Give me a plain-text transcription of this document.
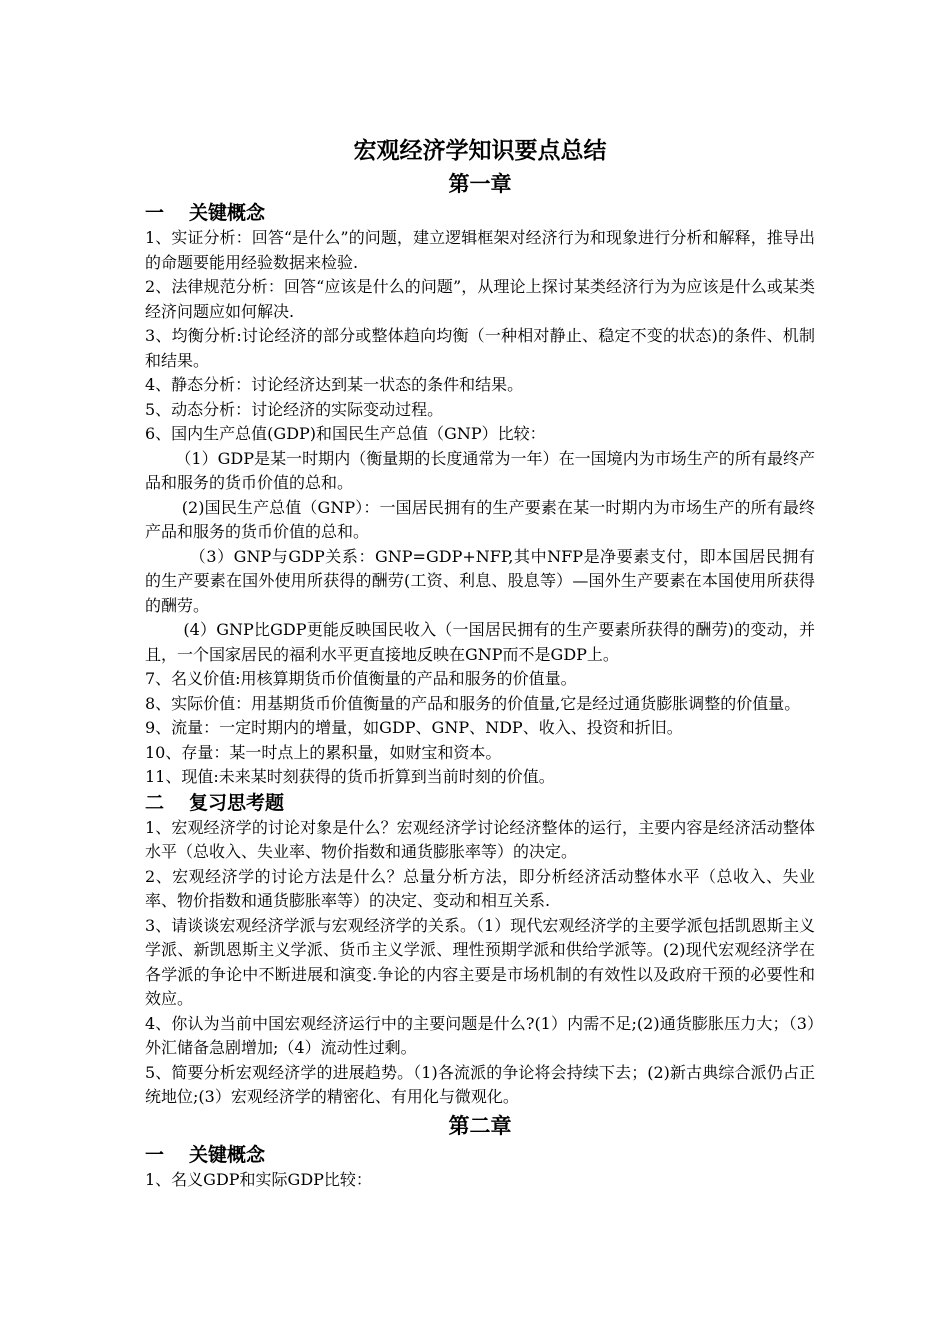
宏观经济学知识要点总结
第一章
一 关键概念

1、实证分析：回答“是什么”的问题，建立逻辑框架对经济行为和现象进行分析和解释，推导出的命题要能用经验数据来检验.

2、法律规范分析：回答“应该是什么的问题”，从理论上探讨某类经济行为为应该是什么或某类经济问题应如何解决.

3、均衡分析:讨论经济的部分或整体趋向均衡（一种相对静止、稳定不变的状态)的条件、机制和结果。

4、静态分析：讨论经济达到某一状态的条件和结果。

5、动态分析：讨论经济的实际变动过程。

6、国内生产总值(GDP)和国民生产总值（GNP）比较：

（1）GDP是某一时期内（衡量期的长度通常为一年）在一国境内为市场生产的所有最终产品和服务的货币价值的总和。

(2)国民生产总值（GNP）：一国居民拥有的生产要素在某一时期内为市场生产的所有最终产品和服务的货币价值的总和。

（3）GNP与GDP关系：GNP=GDP+NFP,其中NFP是净要素支付，即本国居民拥有的生产要素在国外使用所获得的酬劳(工资、利息、股息等）—国外生产要素在本国使用所获得的酬劳。

(4）GNP比GDP更能反映国民收入（一国居民拥有的生产要素所获得的酬劳)的变动，并且，一个国家居民的福利水平更直接地反映在GNP而不是GDP上。

7、名义价值:用核算期货币价值衡量的产品和服务的价值量。

8、实际价值：用基期货币价值衡量的产品和服务的价值量,它是经过通货膨胀调整的价值量。

9、流量：一定时期内的增量，如GDP、GNP、NDP、收入、投资和折旧。

10、存量：某一时点上的累积量，如财宝和资本。

11、现值:未来某时刻获得的货币折算到当前时刻的价值。

二 复习思考题

1、宏观经济学的讨论对象是什么？宏观经济学讨论经济整体的运行，主要内容是经济活动整体水平（总收入、失业率、物价指数和通货膨胀率等）的决定。

2、宏观经济学的讨论方法是什么？总量分析方法，即分析经济活动整体水平（总收入、失业率、物价指数和通货膨胀率等）的决定、变动和相互关系.

3、请谈谈宏观经济学派与宏观经济学的关系。（1）现代宏观经济学的主要学派包括凯恩斯主义学派、新凯恩斯主义学派、货币主义学派、理性预期学派和供给学派等。(2)现代宏观经济学在各学派的争论中不断进展和演变.争论的内容主要是市场机制的有效性以及政府干预的必要性和效应。

4、你认为当前中国宏观经济运行中的主要问题是什么?(1）内需不足;(2)通货膨胀压力大；（3）外汇储备急剧增加;（4）流动性过剩。

5、简要分析宏观经济学的进展趋势。（1)各流派的争论将会持续下去；(2)新古典综合派仍占正统地位;(3）宏观经济学的精密化、有用化与微观化。

第二章
一 关键概念

1、名义GDP和实际GDP比较：
